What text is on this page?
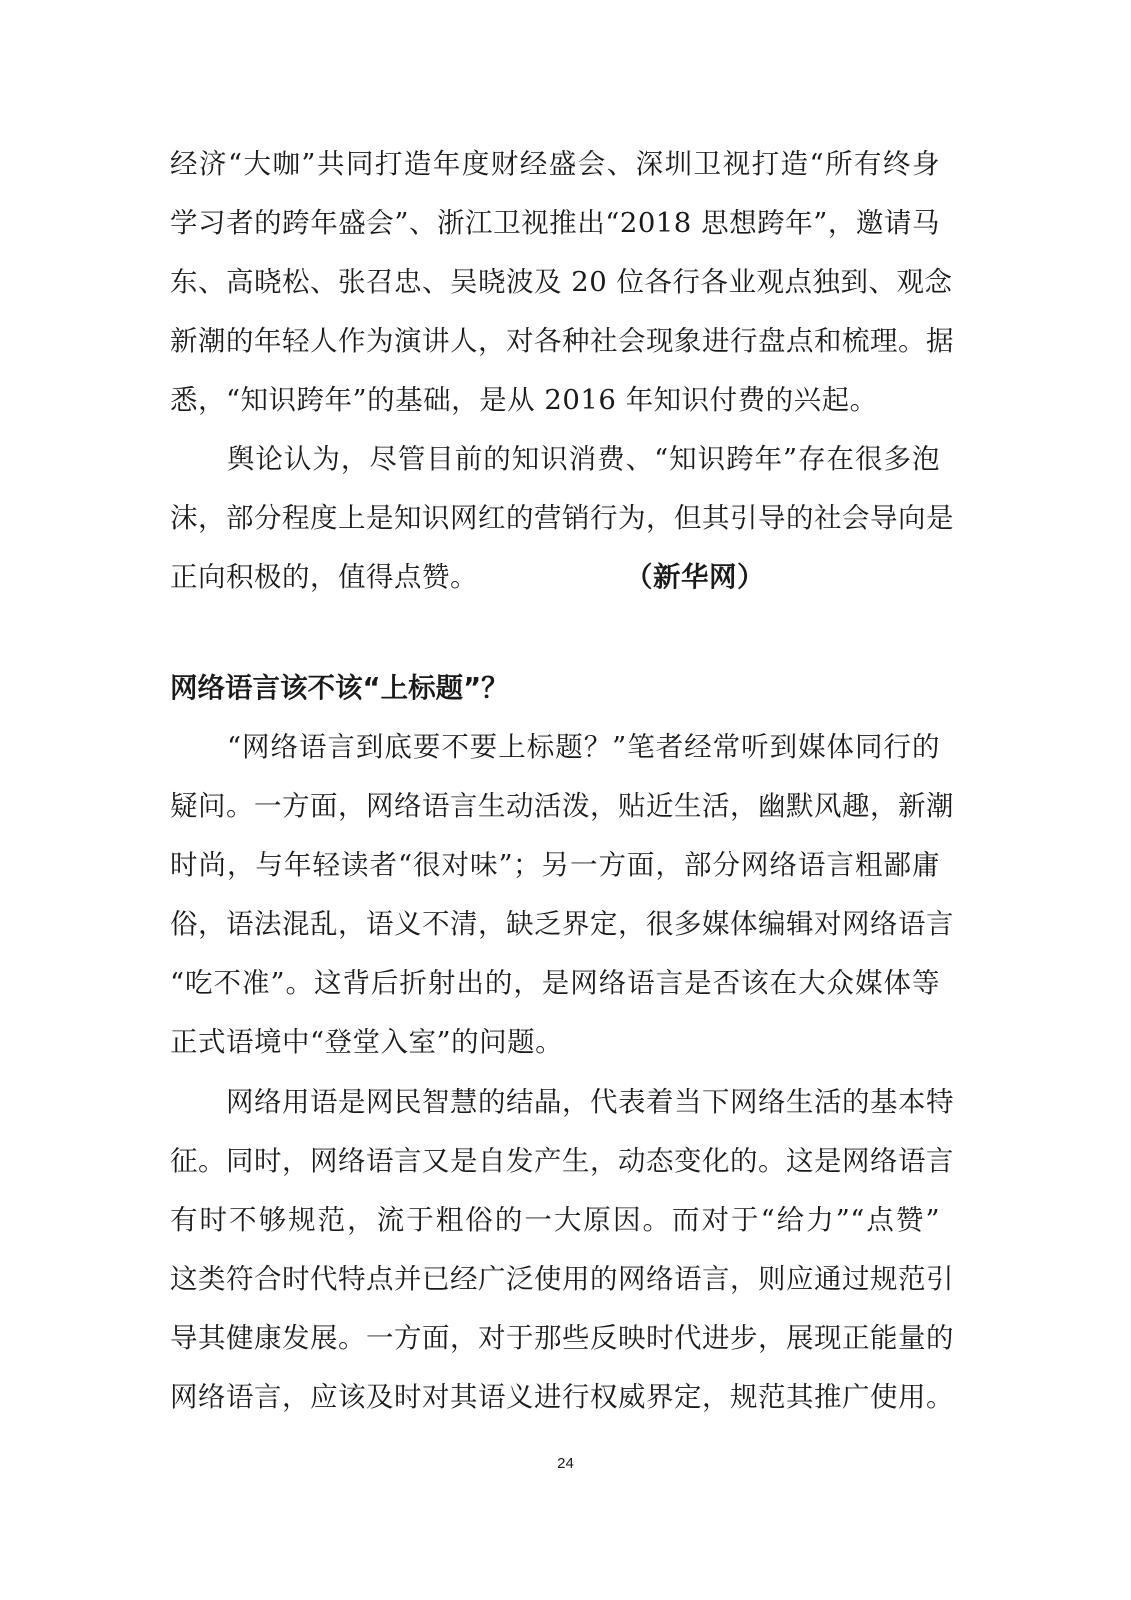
经济“大咖”共同打造年度财经盛会、深圳卫视打造“所有终身
学习者的跨年盛会”、浙江卫视推出“2018 思想跨年”，邀请马
东、高晓松、张召忠、吴晓波及 20 位各行各业观点独到、观念
新潮的年轻人作为演讲人，对各种社会现象进行盘点和梳理。据
悉，“知识跨年”的基础，是从 2016 年知识付费的兴起。
　　舆论认为，尽管目前的知识消费、“知识跨年”存在很多泡
沫，部分程度上是知识网红的营销行为，但其引导的社会导向是
正向积极的，值得点赞。	（新华网）
网络语言该不该“上标题”？
　　“网络语言到底要不要上标题？”笔者经常听到媒体同行的
疑问。一方面，网络语言生动活泼，贴近生活，幽默风趣，新潮
时尚，与年轻读者“很对味”；另一方面，部分网络语言粗鄙庸
俗，语法混乱，语义不清，缺乏界定，很多媒体编辑对网络语言
“吃不准”。这背后折射出的，是网络语言是否该在大众媒体等
正式语境中“登堂入室”的问题。
　　网络用语是网民智慧的结晶，代表着当下网络生活的基本特
征。同时，网络语言又是自发产生，动态变化的。这是网络语言
有时不够规范，流于粗俗的一大原因。而对于“给力”“点赞”
这类符合时代特点并已经广泛使用的网络语言，则应通过规范引
导其健康发展。一方面，对于那些反映时代进步，展现正能量的
网络语言，应该及时对其语义进行权威界定，规范其推广使用。
24
